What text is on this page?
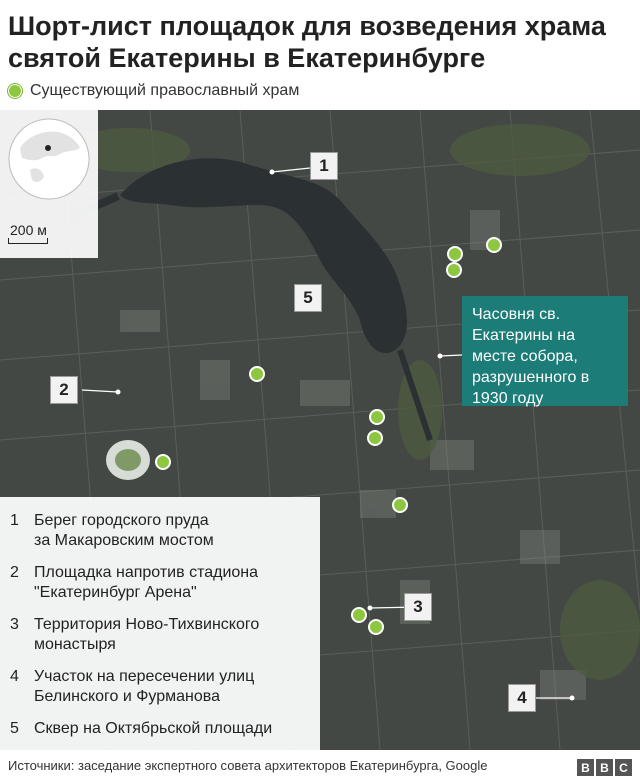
Шорт-лист площадок для возведения храма святой Екатерины в Екатеринбурге
Существующий православный храм
1
2
3
4
5
Часовня св. Екатерины на месте собора, разрушенного в 1930 году
200 м
1 Берег городского пруда
за Макаровским мостом
2 Площадка напротив стадиона
"Екатеринбург Арена"
3 Территория Ново-Тихвинского
монастыря
4 Участок на пересечении улиц
Белинского и Фурманова
5 Сквер на Октябрьской площади
Источники: заседание экспертного совета архитекторов Екатеринбурга, Google	B B C
